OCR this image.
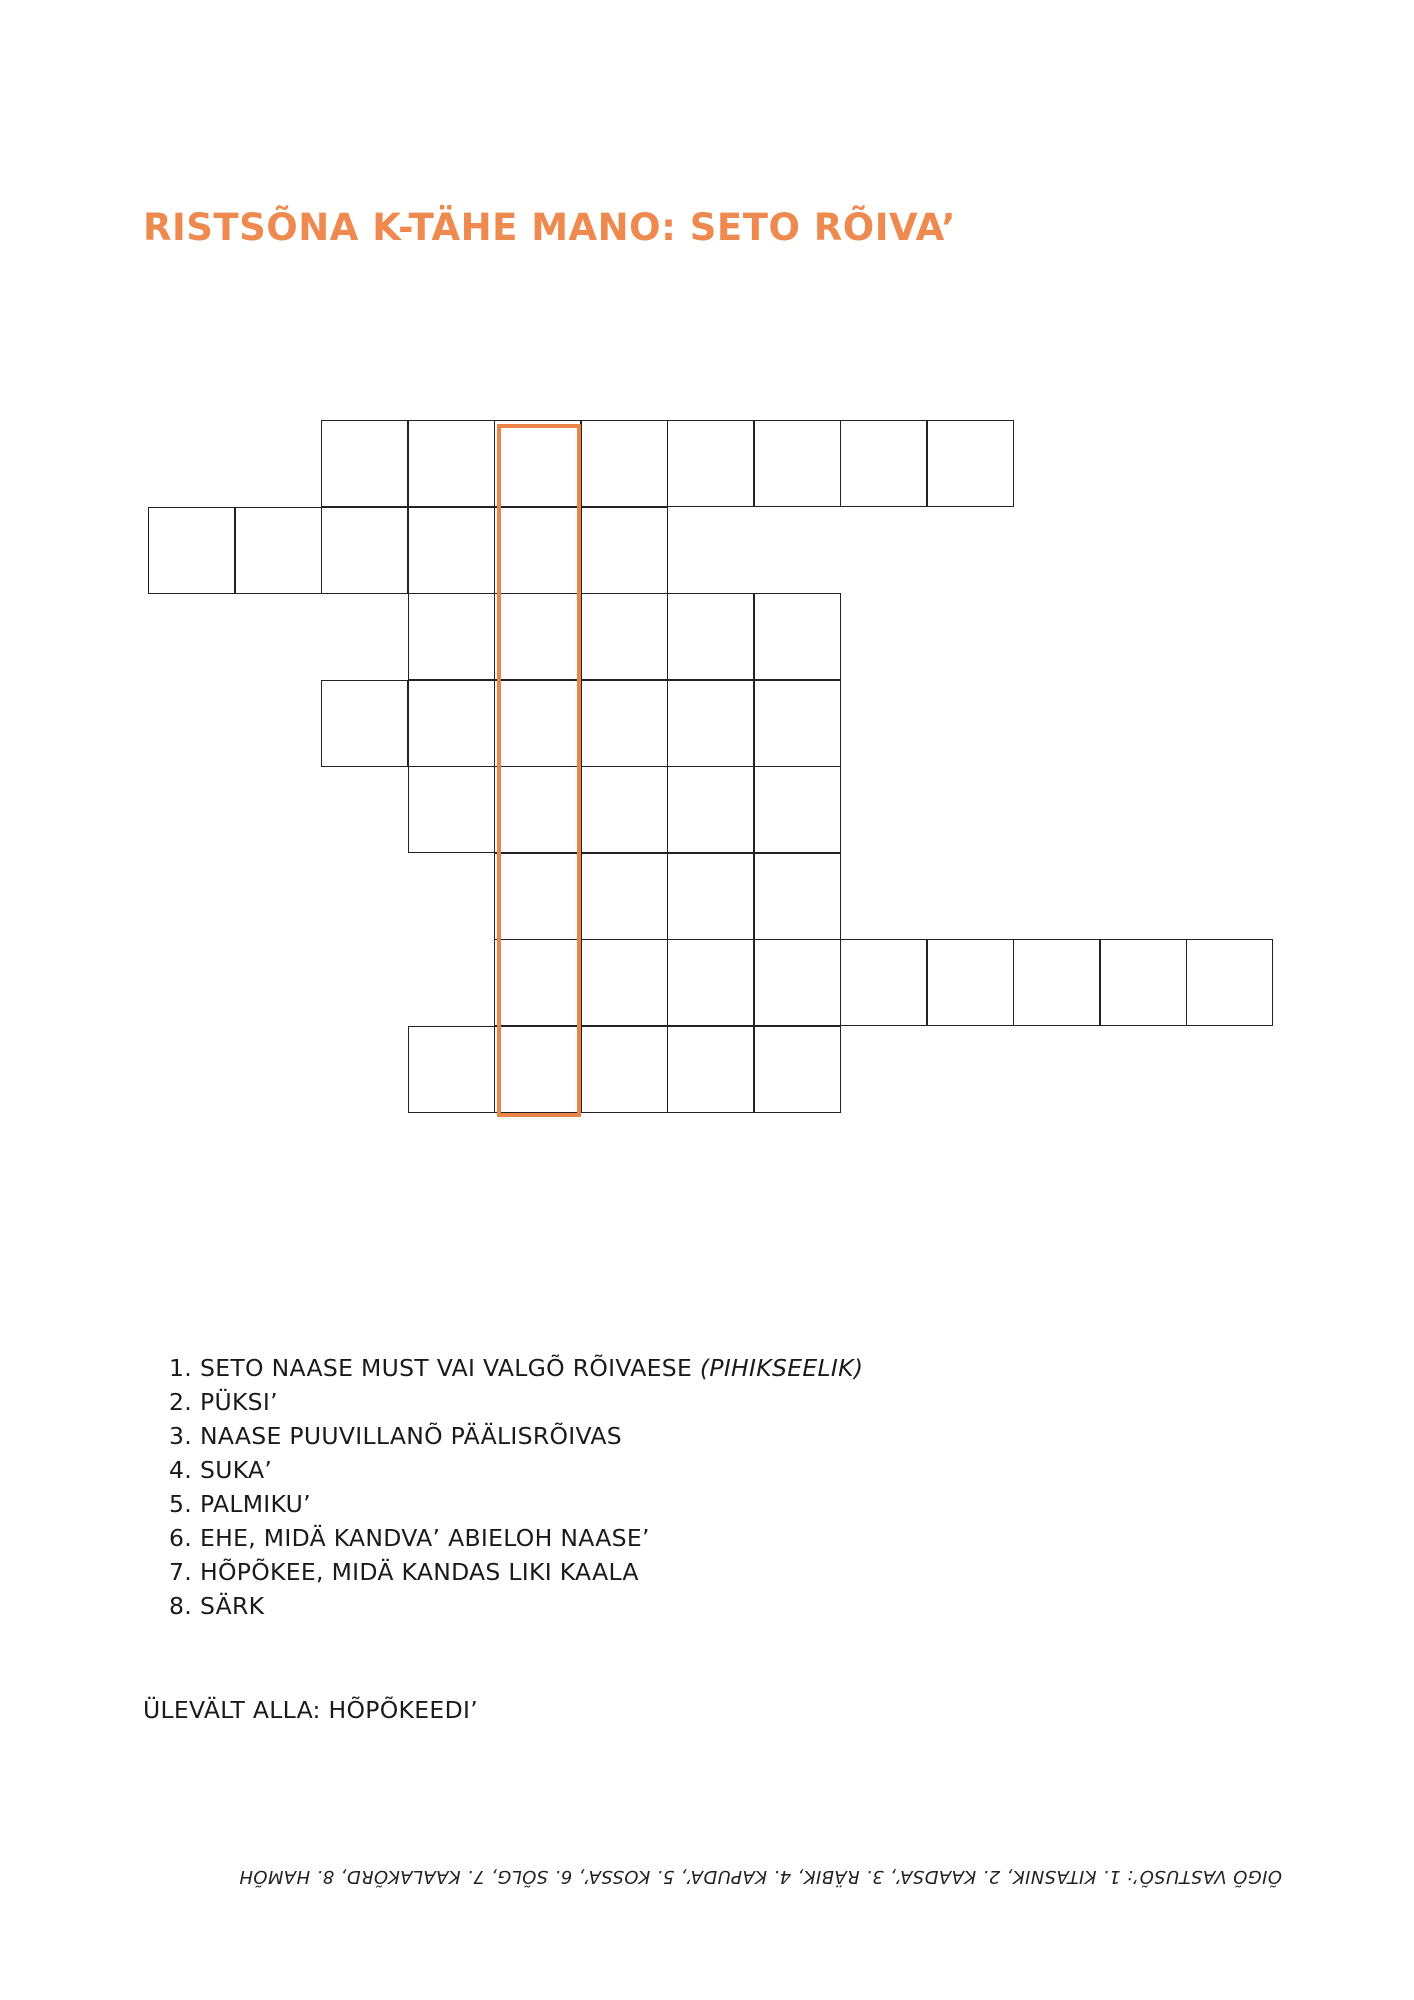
RISTSÕNA K-TÄHE MANO: SETO RÕIVA’
1. SETO NAASE MUST VAI VALGÕ RÕIVAESE (PIHIKSEELIK)
2. PÜKSI’
3. NAASE PUUVILLANÕ PÄÄLISRÕIVAS
4. SUKA’
5. PALMIKU’
6. EHE, MIDÄ KANDVA’ ABIELOH NAASE’
7. HÕPÕKEE, MIDÄ KANDAS LIKI KAALA
8. SÄRK
ÜLEVÄLT ALLA: HÕPÕKEEDI’
ÕIGÕ VASTUSÕ’: 1. KITASNIK, 2. KAADSA’, 3. RÄBIK, 4. KAPUDA’, 5. KOSSA’, 6. SÕLG, 7. KAALAKÕRD, 8. HAMÕH
